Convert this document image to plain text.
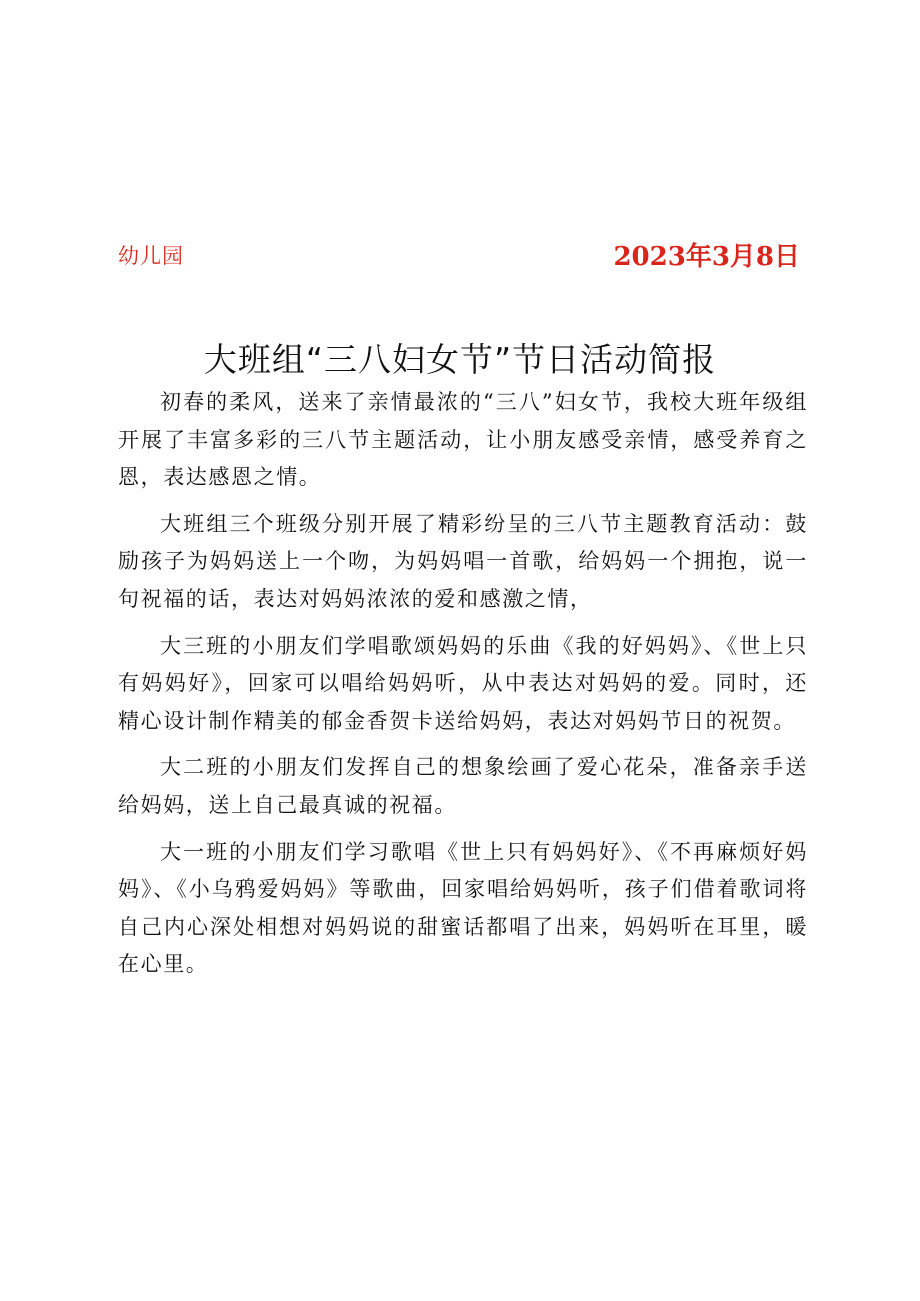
幼儿园	2023年3月8日
大班组“三八妇女节”节日活动简报

初春的柔风，送来了亲情最浓的“三八”妇女节，我校大班年级组开展了丰富多彩的三八节主题活动，让小朋友感受亲情，感受养育之恩，表达感恩之情。

大班组三个班级分别开展了精彩纷呈的三八节主题教育活动：鼓励孩子为妈妈送上一个吻，为妈妈唱一首歌，给妈妈一个拥抱，说一句祝福的话，表达对妈妈浓浓的爱和感激之情，

大三班的小朋友们学唱歌颂妈妈的乐曲《我的好妈妈》、《世上只有妈妈好》，回家可以唱给妈妈听，从中表达对妈妈的爱。同时，还精心设计制作精美的郁金香贺卡送给妈妈，表达对妈妈节日的祝贺。

大二班的小朋友们发挥自己的想象绘画了爱心花朵，准备亲手送给妈妈，送上自己最真诚的祝福。

大一班的小朋友们学习歌唱《世上只有妈妈好》、《不再麻烦好妈妈》、《小乌鸦爱妈妈》等歌曲，回家唱给妈妈听，孩子们借着歌词将自己内心深处相想对妈妈说的甜蜜话都唱了出来，妈妈听在耳里，暖在心里。
